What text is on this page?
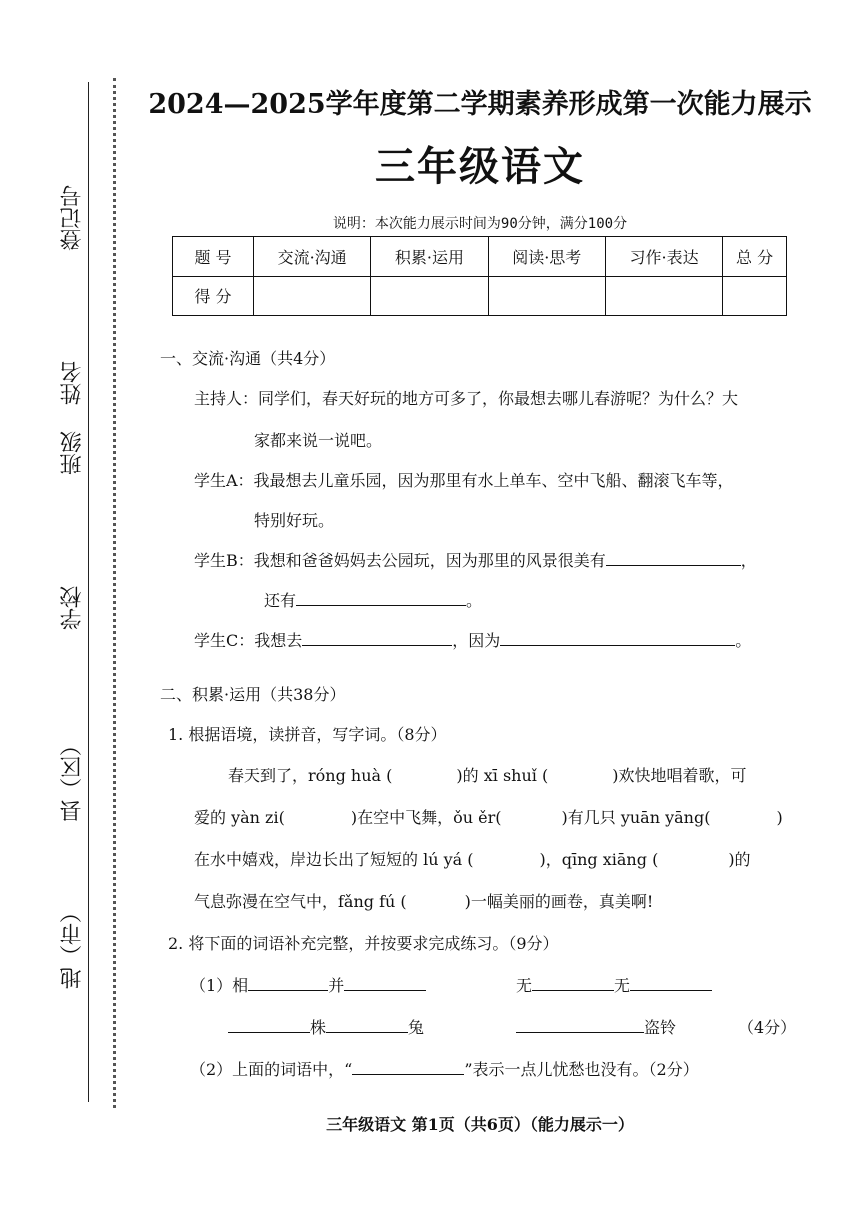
登记号
姓名
班级
学校
县（区）
地（市）
2024—2025学年度第二学期素养形成第一次能力展示
三年级语文
说明：本次能力展示时间为90分钟，满分100分
题 号	交流·沟通	积累·运用	阅读·思考	习作·表达	总 分
得 分					
一、交流·沟通（共4分）
主持人：同学们，春天好玩的地方可多了，你最想去哪儿春游呢？为什么？大
家都来说一说吧。
学生A：我最想去儿童乐园，因为那里有水上单车、空中飞船、翻滚飞车等，
特别好玩。
学生B：我想和爸爸妈妈去公园玩，因为那里的风景很美有	，
还有	。
学生C：我想去	，因为	。
二、积累·运用（共38分）
1. 根据语境，读拼音，写字词。（8分）
春天到了，róng huà (	)的 xī shuǐ (	)欢快地唱着歌，可
爱的 yàn zi(	)在空中飞舞，ǒu ěr(	)有几只 yuān yāng(	)
在水中嬉戏，岸边长出了短短的 lú yá (	)，qīng xiāng (	)的
气息弥漫在空气中，fǎng fú (	)一幅美丽的画卷，真美啊!
2. 将下面的词语补充完整，并按要求完成练习。（9分）
（1）相	并	无	无
株	兔	盗铃	（4分）
（2）上面的词语中，“	”表示一点儿忧愁也没有。（2分）
三年级语文 第1页（共6页）（能力展示一）
